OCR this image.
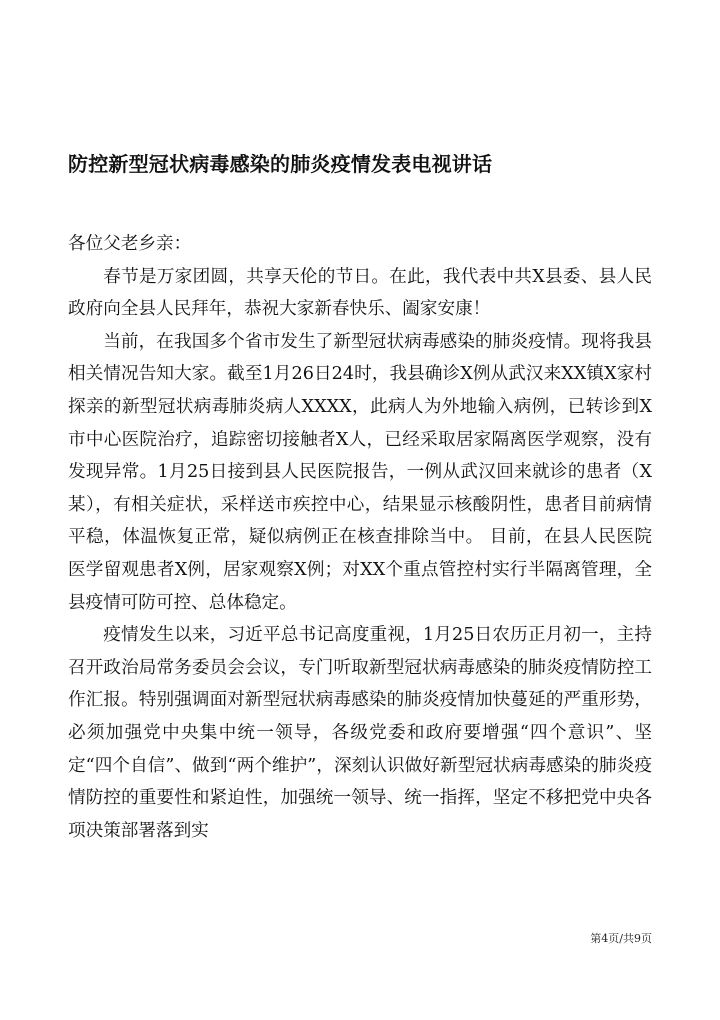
防控新型冠状病毒感染的肺炎疫情发表电视讲话

各位父老乡亲：

春节是万家团圆，共享天伦的节日。在此，我代表中共X县委、县人民政府向全县人民拜年，恭祝大家新春快乐、阖家安康！

当前，在我国多个省市发生了新型冠状病毒感染的肺炎疫情。现将我县相关情况告知大家。截至1月26日24时，我县确诊X例从武汉来XX镇X家村探亲的新型冠状病毒肺炎病人XXXX，此病人为外地输入病例，已转诊到X市中心医院治疗，追踪密切接触者X人，已经采取居家隔离医学观察，没有发现异常。1月25日接到县人民医院报告，一例从武汉回来就诊的患者（X某），有相关症状，采样送市疾控中心，结果显示核酸阴性，患者目前病情平稳，体温恢复正常，疑似病例正在核查排除当中。 目前，在县人民医院医学留观患者X例，居家观察X例；对XX个重点管控村实行半隔离管理，全县疫情可防可控、总体稳定。

疫情发生以来，习近平总书记高度重视，1月25日农历正月初一，主持召开政治局常务委员会会议，专门听取新型冠状病毒感染的肺炎疫情防控工作汇报。特别强调面对新型冠状病毒感染的肺炎疫情加快蔓延的严重形势，必须加强党中央集中统一领导，各级党委和政府要增强“四个意识”、坚定“四个自信”、做到“两个维护”，深刻认识做好新型冠状病毒感染的肺炎疫情防控的重要性和紧迫性，加强统一领导、统一指挥，坚定不移把党中央各项决策部署落到实

第4页/共9页
